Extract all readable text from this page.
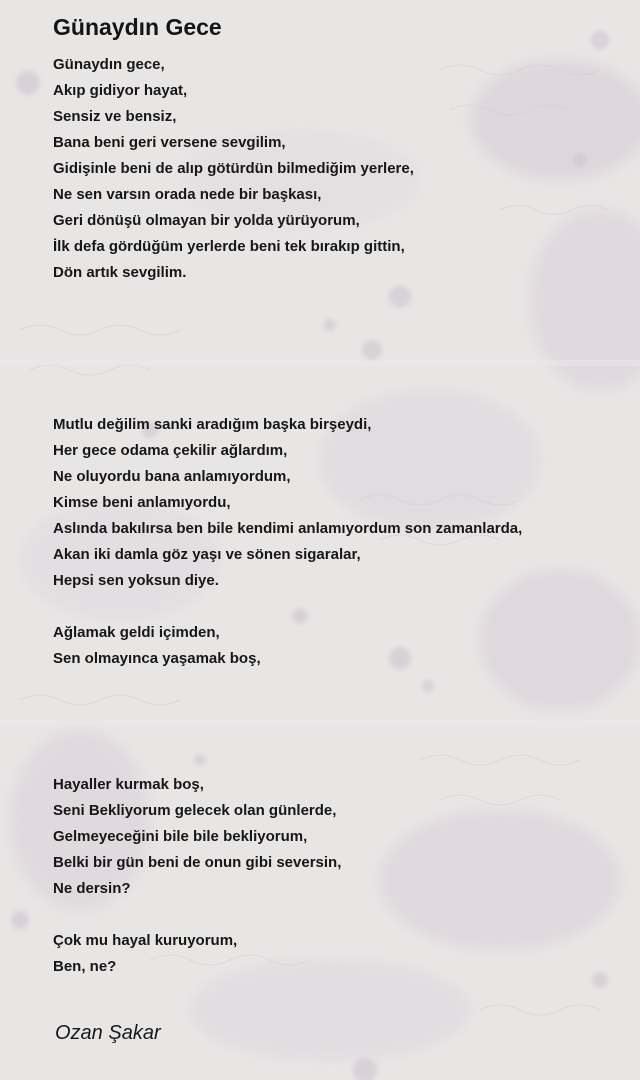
Günaydın Gece
Günaydın gece,
Akıp gidiyor hayat,
Sensiz ve bensiz,
Bana beni geri versene sevgilim,
Gidişinle beni de alıp götürdün bilmediğim yerlere,
Ne sen varsın orada nede bir başkası,
Geri dönüşü olmayan bir yolda yürüyorum,
İlk defa gördüğüm yerlerde beni tek bırakıp gittin,
Dön artık sevgilim.
Mutlu değilim sanki aradığım başka birşeydi,
Her gece odama çekilir ağlardım,
Ne oluyordu bana anlamıyordum,
Kimse beni anlamıyordu,
Aslında bakılırsa ben bile kendimi anlamıyordum son zamanlarda,
Akan iki damla göz yaşı ve sönen sigaralar,
Hepsi sen yoksun diye.
Ağlamak geldi içimden,
Sen olmayınca yaşamak boş,
Hayaller kurmak boş,
Seni Bekliyorum gelecek olan günlerde,
Gelmeyeceğini bile bile bekliyorum,
Belki bir gün beni de onun gibi seversin,
Ne dersin?
Çok mu hayal kuruyorum,
Ben, ne?
Ozan Şakar
